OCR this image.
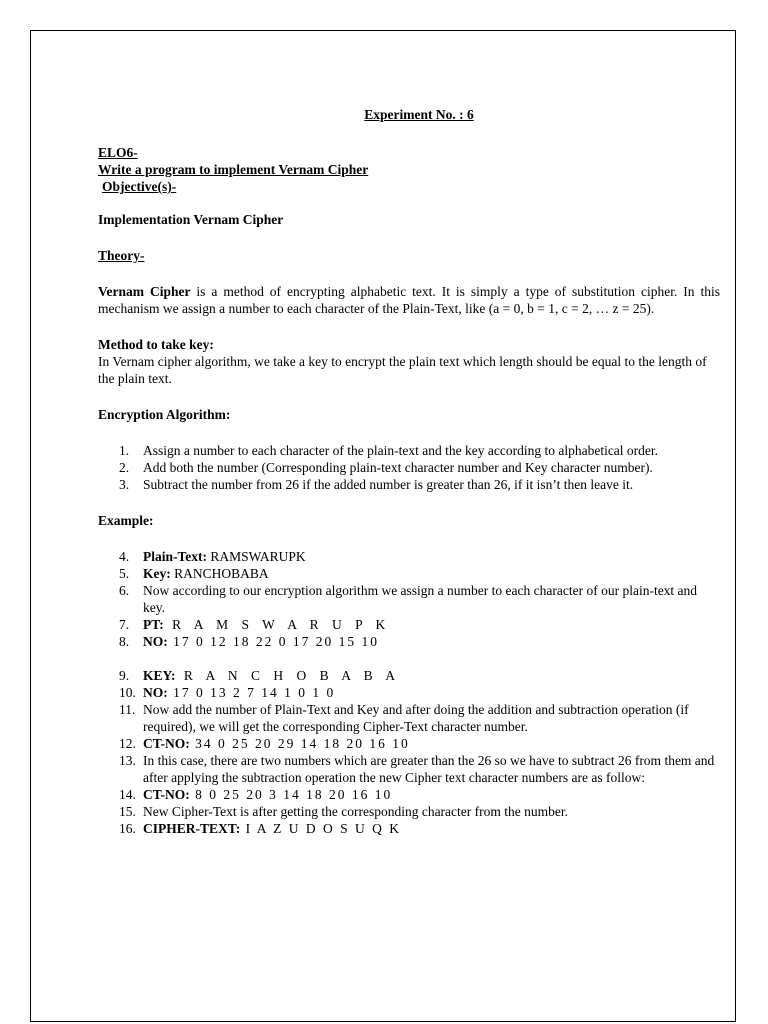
Experiment No. : 6
ELO6-
Write a program to implement Vernam Cipher
Objective(s)-
Implementation Vernam Cipher
Theory-
Vernam Cipher is a method of encrypting alphabetic text. It is simply a type of substitution cipher. In this mechanism we assign a number to each character of the Plain-Text, like (a = 0, b = 1, c = 2, … z = 25).
Method to take key:
In Vernam cipher algorithm, we take a key to encrypt the plain text which length should be equal to the length of the plain text.
Encryption Algorithm:
1.	Assign a number to each character of the plain-text and the key according to alphabetical order.
2.	Add both the number (Corresponding plain-text character number and Key character number).
3.	Subtract the number from 26 if the added number is greater than 26, if it isn’t then leave it.
Example:
4.	Plain-Text: RAMSWARUPK
5.	Key: RANCHOBABA
6.	Now according to our encryption algorithm we assign a number to each character of our plain-text and key.
7.	PT: R A M S W A R U P K
8.	NO: 17 0 12 18 22 0 17 20 15 10
9.	KEY: R A N C H O B A B A
10. NO: 17 0 13 2 7 14 1 0 1 0
11. Now add the number of Plain-Text and Key and after doing the addition and subtraction operation (if required), we will get the corresponding Cipher-Text character number.
12. CT-NO: 34 0 25 20 29 14 18 20 16 10
13. In this case, there are two numbers which are greater than the 26 so we have to subtract 26 from them and after applying the subtraction operation the new Cipher text character numbers are as follow:
14. CT-NO: 8 0 25 20 3 14 18 20 16 10
15. New Cipher-Text is after getting the corresponding character from the number.
16. CIPHER-TEXT: I A Z U D O S U Q K
